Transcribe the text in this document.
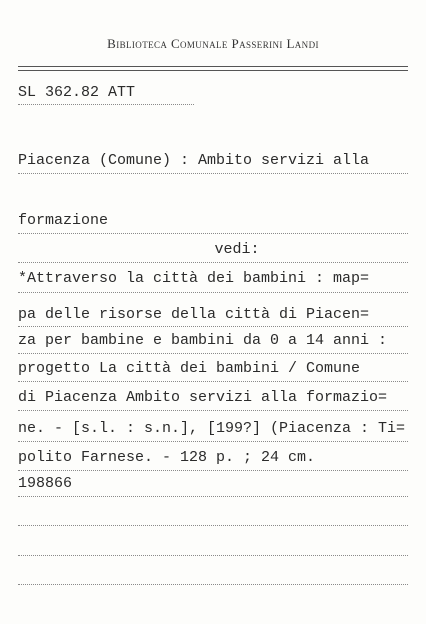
Biblioteca Comunale Passerini Landi
SL 362.82 ATT
Piacenza (Comune) : Ambito servizi alla
formazione
vedi:
*Attraverso la città dei bambini : map=
pa delle risorse della città di Piacen=
za per bambine e bambini da 0 a 14 anni :
progetto La città dei bambini / Comune
di Piacenza Ambito servizi alla formazio=
ne. - [s.l. : s.n.], [199?] (Piacenza : Ti=
polito Farnese. - 128 p. ; 24 cm.
198866
